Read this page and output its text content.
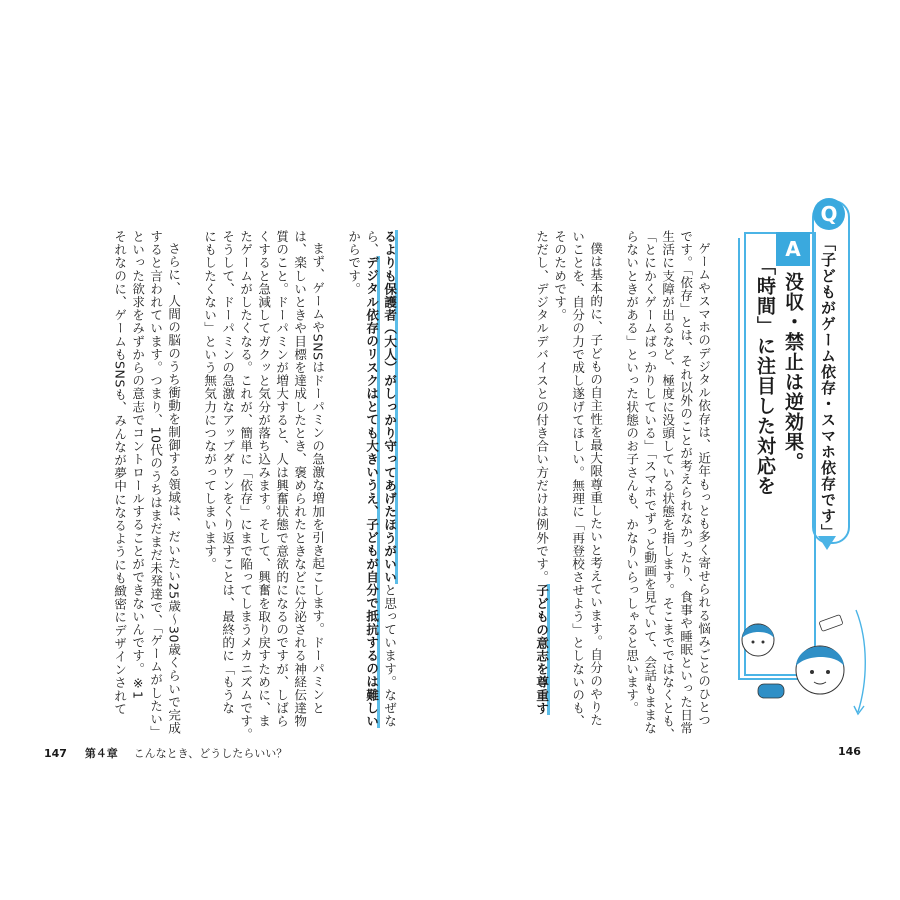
Q
「子どもがゲーム依存・スマホ依存です」
A
没収・禁止は逆効果。
「時間」に注目した対応を
ゲームやスマホのデジタル依存は、近年もっとも多く寄せられる悩みごとのひとつ
です。「依存」とは、それ以外のことが考えられなかったり、食事や睡眠といった日常
生活に支障が出るなど、極度に没頭している状態を指します。そこまでではなくとも、
「とにかくゲームばっかりしている」「スマホでずっと動画を見ていて、会話もままな
らないときがある」といった状態のお子さんも、かなりいらっしゃると思います。
僕は基本的に、子どもの自主性を最大限尊重したいと考えています。自分のやりた
いことを、自分の力で成し遂げてほしい。無理に「再登校させよう」としないのも、
そのためです。
ただし、デジタルデバイスとの付き合い方だけは例外です。子どもの意志を尊重す
るよりも保護者（大人）がしっかり守ってあげたほうがいいと思っています。なぜな
ら、デジタル依存のリスクはとても大きいうえ、子どもが自分で抵抗するのは難しい
からです。
まず、ゲームやSNSはドーパミンの急激な増加を引き起こします。ドーパミンと
は、楽しいときや目標を達成したとき、褒められたときなどに分泌される神経伝達物
質のこと。ドーパミンが増大すると、人は興奮状態で意欲的になるのですが、しばら
くすると急減してガクッと気分が落ち込みます。そして、興奮を取り戻すために、ま
たゲームがしたくなる。これが、簡単に「依存」にまで陥ってしまうメカニズムです。
そうして、ドーパミンの急激なアップダウンをくり返すことは、最終的に「もうな
にもしたくない」という無気力につながってしまいます。
さらに、人間の脳のうち衝動を制御する領域は、だいたい25歳〜30歳くらいで完成
すると言われています。つまり、10代のうちはまだまだ未発達で、「ゲームがしたい」
といった欲求をみずからの意志でコントロールすることができないんです。※1
それなのに、ゲームもSNSも、みんなが夢中になるようにも緻密にデザインされて
147 第４章 こんなとき、どうしたらいい？	146
